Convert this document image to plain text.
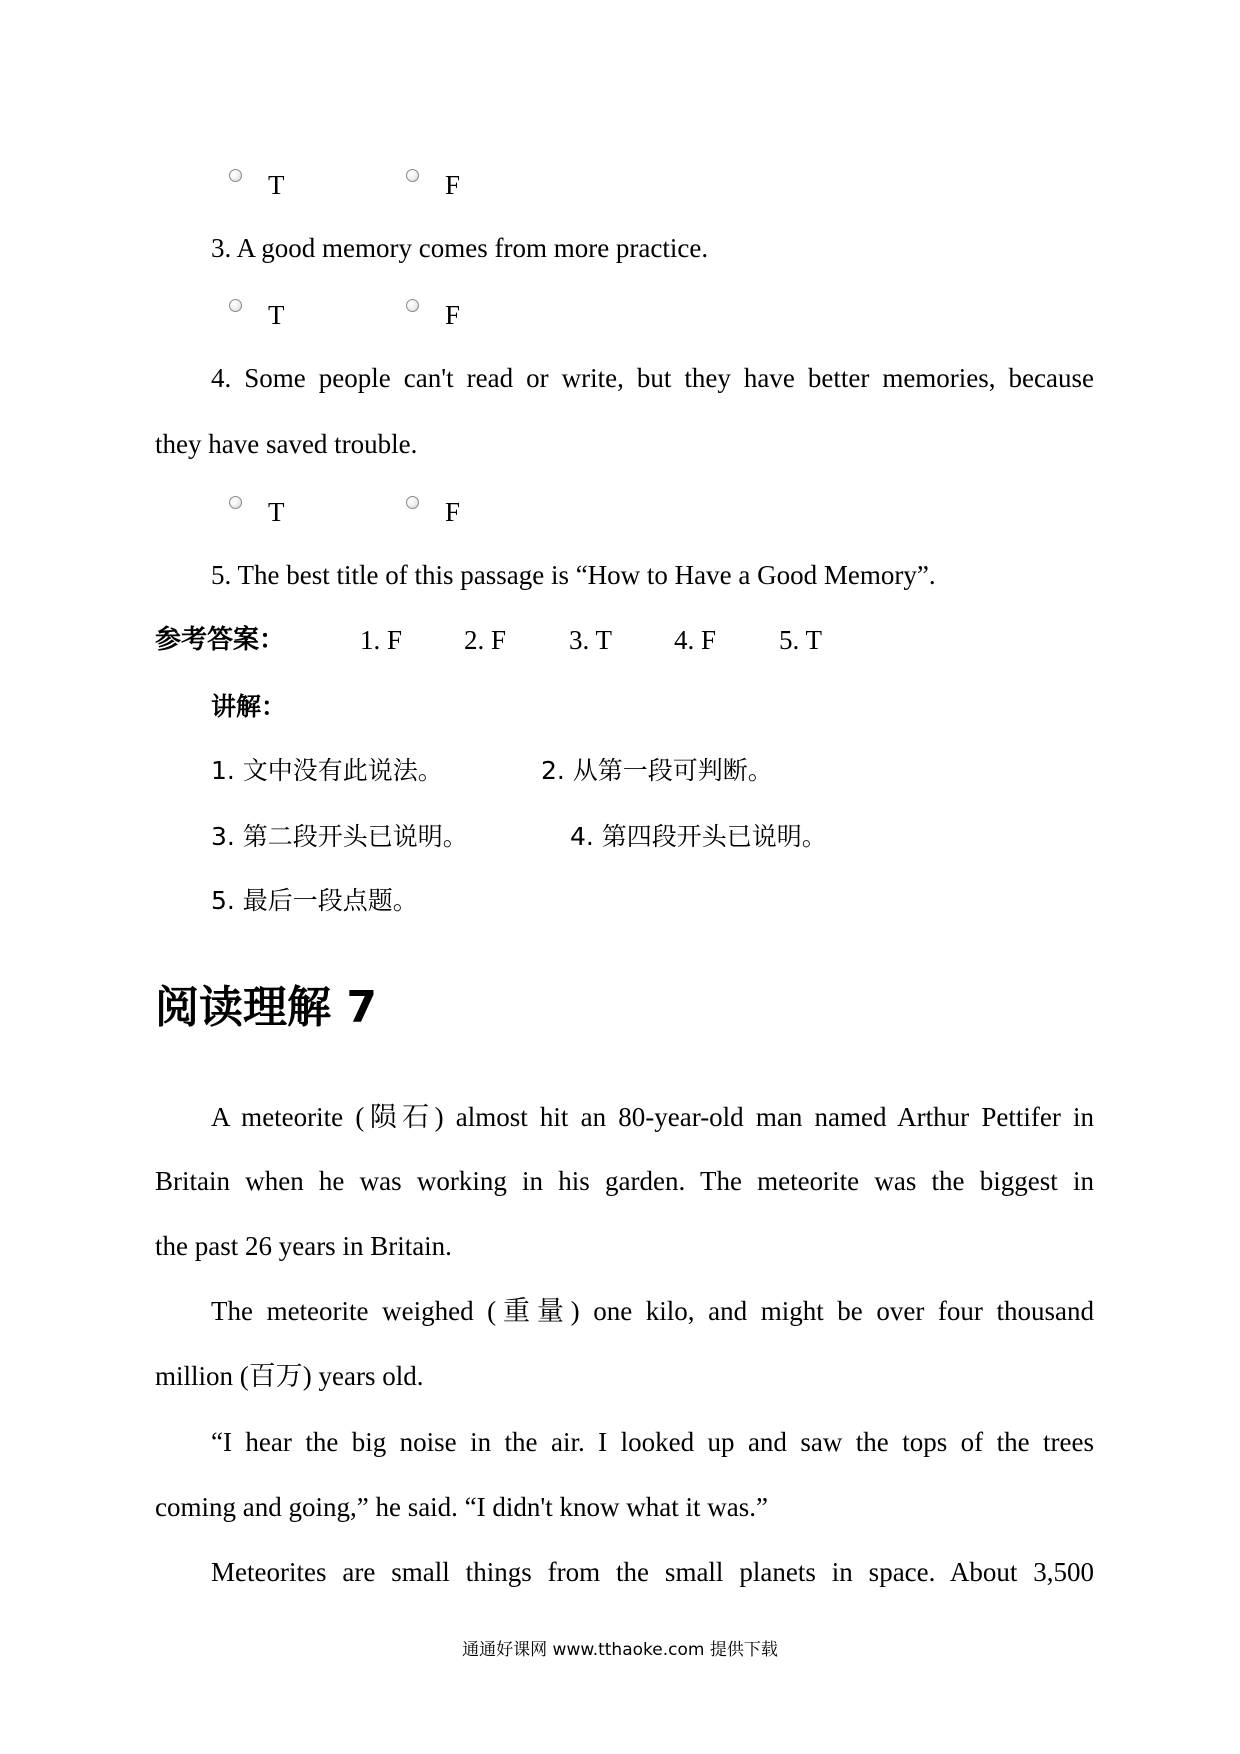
T	F
3. A good memory comes from more practice.
T	F
4. Some people can't read or write, but they have better memories, because
they have saved trouble.
T	F
5. The best title of this passage is “How to Have a Good Memory”.
参考答案：	1. F 2. F 3. T 4. F 5. T
讲解：
1. 文中没有此说法。	2. 从第一段可判断。
3. 第二段开头已说明。	4. 第四段开头已说明。
5. 最后一段点题。
阅读理解 7
A meteorite (陨石) almost hit an 80-year-old man named Arthur Pettifer in
Britain when he was working in his garden. The meteorite was the biggest in
the past 26 years in Britain.
The meteorite weighed (重量) one kilo, and might be over four thousand
million (百万) years old.
“I hear the big noise in the air. I looked up and saw the tops of the trees
coming and going,” he said. “I didn't know what it was.”
Meteorites are small things from the small planets in space. About 3,500
通通好课网 www.tthaoke.com 提供下载
